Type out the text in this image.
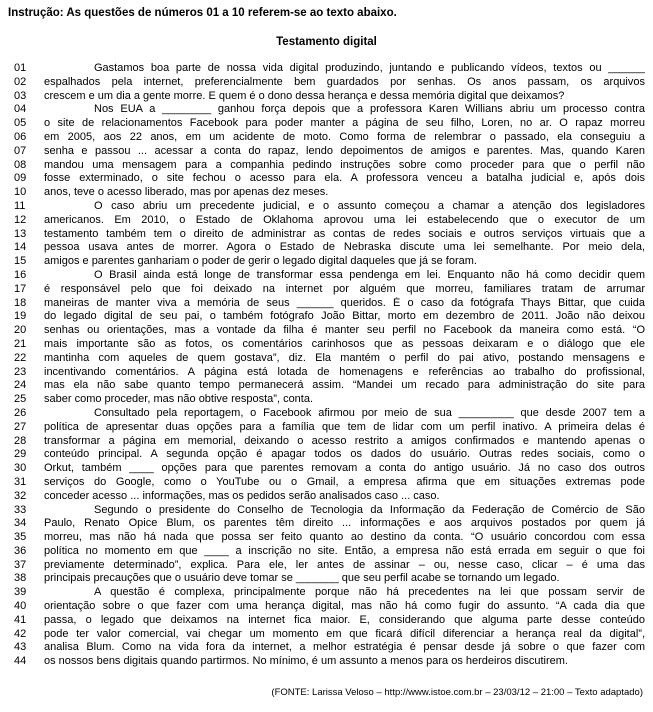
Instrução: As questões de números 01 a 10 referem-se ao texto abaixo.
Testamento digital
01	Gastamos boa parte de nossa vida digital produzindo, juntando e publicando vídeos, textos ou ______
02	espalhados pela internet, preferencialmente bem guardados por senhas. Os anos passam, os arquivos
03	crescem e um dia a gente morre. E quem é o dono dessa herança e dessa memória digital que deixamos?
04	Nos EUA a ________ ganhou força depois que a professora Karen Willians abriu um processo contra
05	o site de relacionamentos Facebook para poder manter a página de seu filho, Loren, no ar. O rapaz morreu
06	em 2005, aos 22 anos, em um acidente de moto. Como forma de relembrar o passado, ela conseguiu a
07	senha e passou ... acessar a conta do rapaz, lendo depoimentos de amigos e parentes. Mas, quando Karen
08	mandou uma mensagem para a companhia pedindo instruções sobre como proceder para que o perfil não
09	fosse exterminado, o site fechou o acesso para ela. A professora venceu a batalha judicial e, após dois
10	anos, teve o acesso liberado, mas por apenas dez meses.
11	O caso abriu um precedente judicial, e o assunto começou a chamar a atenção dos legisladores
12	americanos. Em 2010, o Estado de Oklahoma aprovou uma lei estabelecendo que o executor de um
13	testamento também tem o direito de administrar as contas de redes sociais e outros serviços virtuais que a
14	pessoa usava antes de morrer. Agora o Estado de Nebraska discute uma lei semelhante. Por meio dela,
15	amigos e parentes ganhariam o poder de gerir o legado digital daqueles que já se foram.
16	O Brasil ainda está longe de transformar essa pendenga em lei. Enquanto não há como decidir quem
17	é responsável pelo que foi deixado na internet por alguém que morreu, familiares tratam de arrumar
18	maneiras de manter viva a memória de seus ______ queridos. É o caso da fotógrafa Thays Bittar, que cuida
19	do legado digital de seu pai, o também fotógrafo João Bittar, morto em dezembro de 2011. João não deixou
20	senhas ou orientações, mas a vontade da filha é manter seu perfil no Facebook da maneira como está. “O
21	mais importante são as fotos, os comentários carinhosos que as pessoas deixaram e o diálogo que ele
22	mantinha com aqueles de quem gostava”, diz. Ela mantém o perfil do pai ativo, postando mensagens e
23	incentivando comentários. A página está lotada de homenagens e referências ao trabalho do profissional,
24	mas ela não sabe quanto tempo permanecerá assim. “Mandei um recado para administração do site para
25	saber como proceder, mas não obtive resposta”, conta.
26	Consultado pela reportagem, o Facebook afirmou por meio de sua _________ que desde 2007 tem a
27	política de apresentar duas opções para a família que tem de lidar com um perfil inativo. A primeira delas é
28	transformar a página em memorial, deixando o acesso restrito a amigos confirmados e mantendo apenas o
29	conteúdo principal. A segunda opção é apagar todos os dados do usuário. Outras redes sociais, como o
30	Orkut, também ____ opções para que parentes removam a conta do antigo usuário. Já no caso dos outros
31	serviços do Google, como o YouTube ou o Gmail, a empresa afirma que em situações extremas pode
32	conceder acesso ... informações, mas os pedidos serão analisados caso ... caso.
33	Segundo o presidente do Conselho de Tecnologia da Informação da Federação de Comércio de São
34	Paulo, Renato Opice Blum, os parentes têm direito ... informações e aos arquivos postados por quem já
35	morreu, mas não há nada que possa ser feito quanto ao destino da conta. “O usuário concordou com essa
36	política no momento em que ____ a inscrição no site. Então, a empresa não está errada em seguir o que foi
37	previamente determinado”, explica. Para ele, ler antes de assinar – ou, nesse caso, clicar – é uma das
38	principais precauções que o usuário deve tomar se _______ que seu perfil acabe se tornando um legado.
39	A questão é complexa, principalmente porque não há precedentes na lei que possam servir de
40	orientação sobre o que fazer com uma herança digital, mas não há como fugir do assunto. “A cada dia que
41	passa, o legado que deixamos na internet fica maior. E, considerando que alguma parte desse conteúdo
42	pode ter valor comercial, vai chegar um momento em que ficará difícil diferenciar a herança real da digital”,
43	analisa Blum. Como na vida fora da internet, a melhor estratégia é pensar desde já sobre o que fazer com
44	os nossos bens digitais quando partirmos. No mínimo, é um assunto a menos para os herdeiros discutirem.
(FONTE: Larissa Veloso – http://www.istoe.com.br – 23/03/12 – 21:00 – Texto adaptado)
